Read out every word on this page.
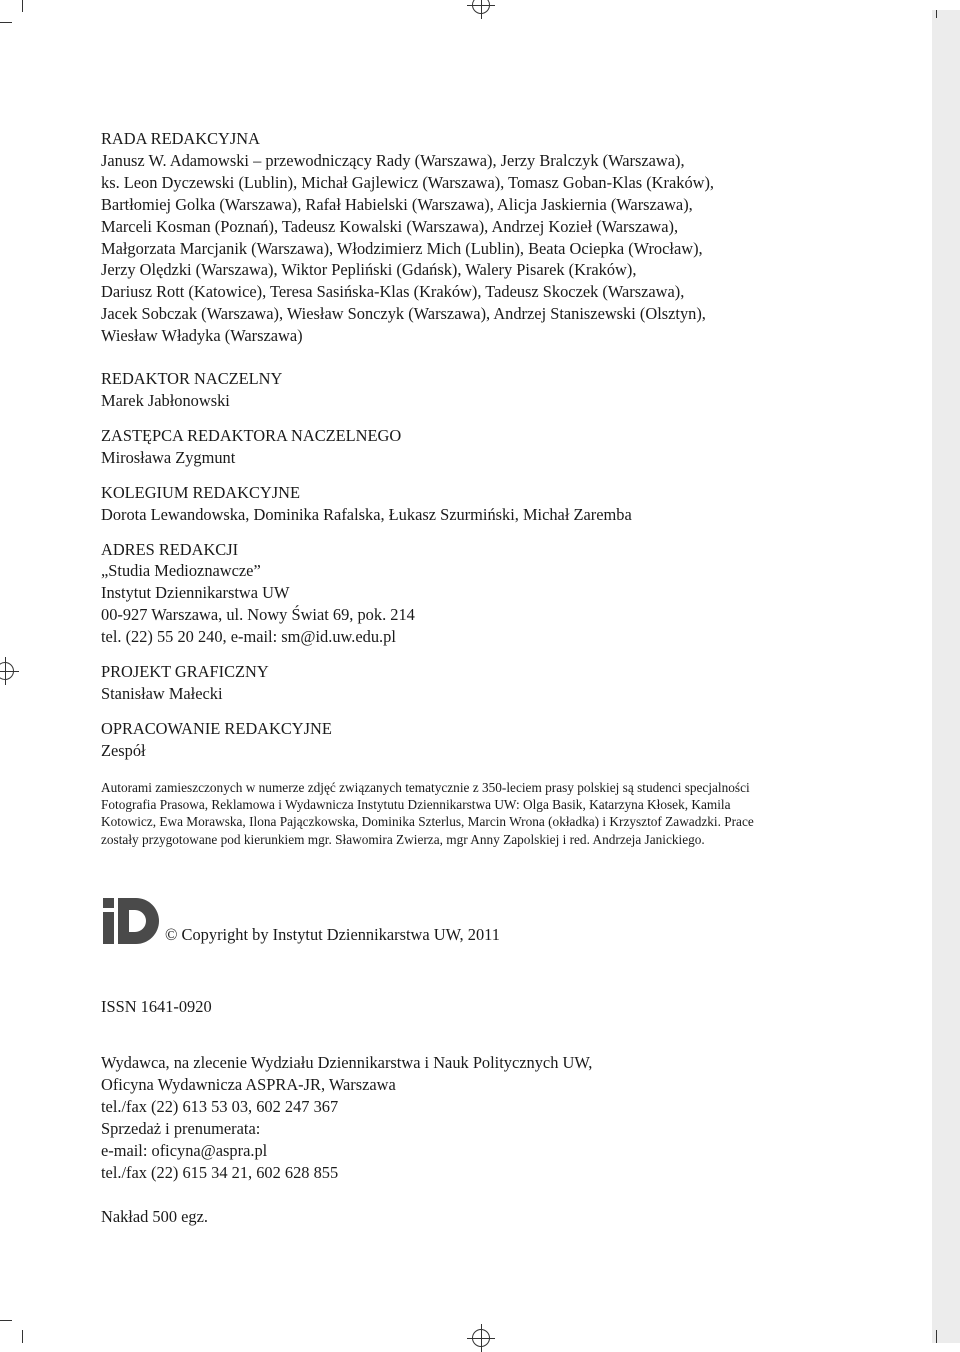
RADA REDAKCYJNA
Janusz W. Adamowski – przewodniczący Rady (Warszawa), Jerzy Bralczyk (Warszawa),
ks. Leon Dyczewski (Lublin), Michał Gajlewicz (Warszawa), Tomasz Goban-Klas (Kraków),
Bartłomiej Golka (Warszawa), Rafał Habielski (Warszawa), Alicja Jaskiernia (Warszawa),
Marceli Kosman (Poznań), Tadeusz Kowalski (Warszawa), Andrzej Kozieł (Warszawa),
Małgorzata Marcjanik (Warszawa), Włodzimierz Mich (Lublin), Beata Ociepka (Wrocław),
Jerzy Olędzki (Warszawa), Wiktor Pepliński (Gdańsk), Walery Pisarek (Kraków),
Dariusz Rott (Katowice), Teresa Sasińska-Klas (Kraków), Tadeusz Skoczek (Warszawa),
Jacek Sobczak (Warszawa), Wiesław Sonczyk (Warszawa), Andrzej Staniszewski (Olsztyn),
Wiesław Władyka (Warszawa)
REDAKTOR NACZELNY
Marek Jabłonowski
ZASTĘPCA REDAKTORA NACZELNEGO
Mirosława Zygmunt
KOLEGIUM REDAKCYJNE
Dorota Lewandowska, Dominika Rafalska, Łukasz Szurmiński, Michał Zaremba
ADRES REDAKCJI
„Studia Medioznawcze”
Instytut Dziennikarstwa UW
00-927 Warszawa, ul. Nowy Świat 69, pok. 214
tel. (22) 55 20 240, e-mail: sm@id.uw.edu.pl
PROJEKT GRAFICZNY
Stanisław Małecki
OPRACOWANIE REDAKCYJNE
Zespół
Autorami zamieszczonych w numerze zdjęć związanych tematycznie z 350-leciem prasy polskiej są studenci specjalności
Fotografia Prasowa, Reklamowa i Wydawnicza Instytutu Dziennikarstwa UW: Olga Basik, Katarzyna Kłosek, Kamila
Kotowicz, Ewa Morawska, Ilona Pajączkowska, Dominika Szterlus, Marcin Wrona (okładka) i Krzysztof Zawadzki. Prace
zostały przygotowane pod kierunkiem mgr. Sławomira Zwierza, mgr Anny Zapolskiej i red. Andrzeja Janickiego.
© Copyright by Instytut Dziennikarstwa UW, 2011
ISSN 1641-0920
Wydawca, na zlecenie Wydziału Dziennikarstwa i Nauk Politycznych UW,
Oficyna Wydawnicza ASPRA-JR, Warszawa
tel./fax (22) 613 53 03, 602 247 367
Sprzedaż i prenumerata:
e-mail: oficyna@aspra.pl
tel./fax (22) 615 34 21, 602 628 855
Nakład 500 egz.
